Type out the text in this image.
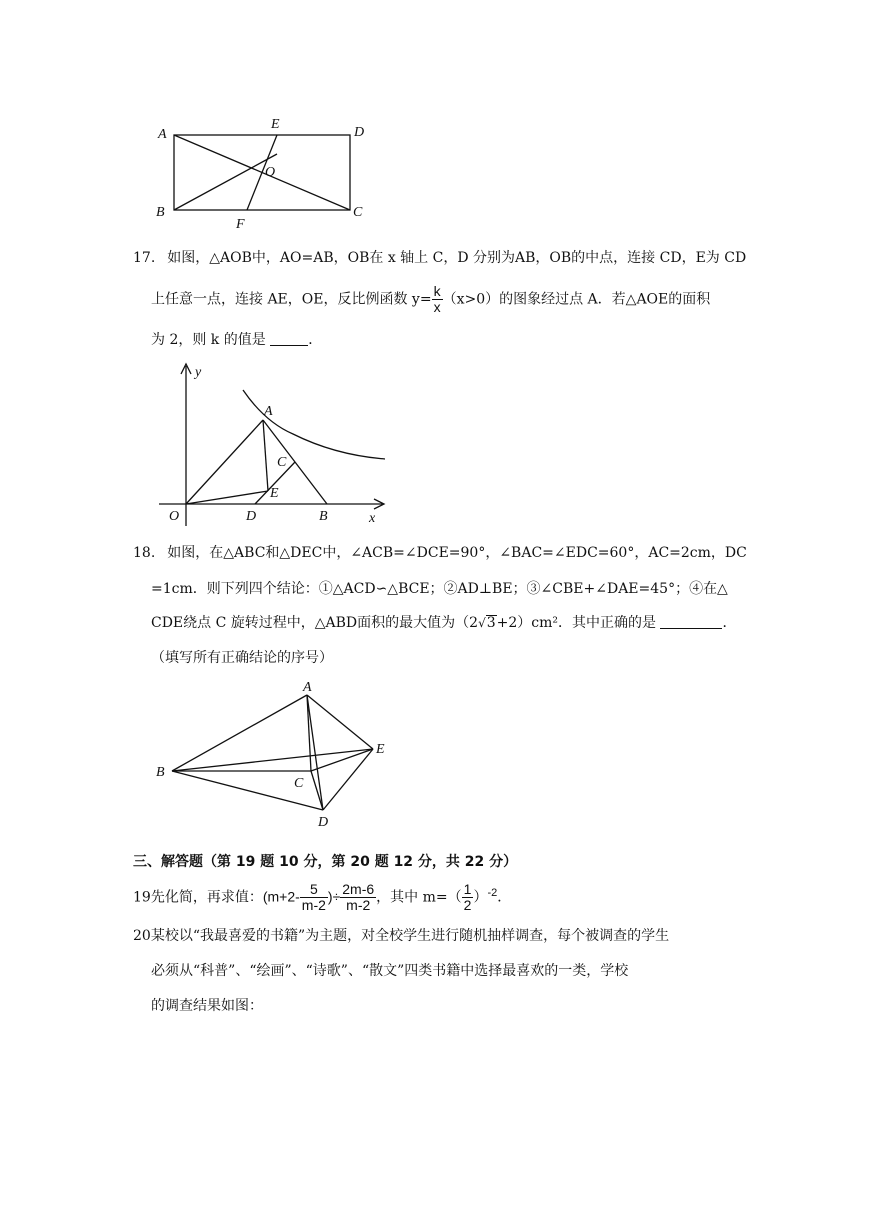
A
E
D
O
B
F
C
17. 如图，△AOB中，AO=AB，OB在 x 轴上 C，D 分别为AB，OB的中点，连接 CD，E为 CD
上任意一点，连接 AE，OE，反比例函数 $y= \frac{k}{x} (x>0)$的图象经过点 A．若△AOE的面积
为 2，则 k 的值是	．
y
A
C
E
O	D	B	x
18. 如图，在△ABC和△DEC中，∠ACB=∠DCE=90°，∠BAC=∠EDC=60°，AC=2cm，DC
=1cm．则下列四个结论：①△ACD∽△BCE；②AD⊥BE；③∠CBE+∠DAE=45°；④在△
CDE绕点 C 旋转过程中，△ABD面积的最大值为（2√3+2）cm²．其中正确的是	．
（填写所有正确结论的序号）
A
E
B
C
D
三、解答题（第 19 题 10 分，第 20 题 12 分，共 22 分）
19先化简，再求值：($m+2- \frac{5}{m-2}$ )÷ $\frac{2m-6}{m-2}$ ，其中 $m=( \frac{1}{2} )^{-2}$．
20某校以“我最喜爱的书籍”为主题，对全校学生进行随机抽样调查，每个被调查的学生
必须从“科普”、“绘画”、“诗歌”、“散文”四类书籍中选择最喜欢的一类，学校
的调查结果如图：
